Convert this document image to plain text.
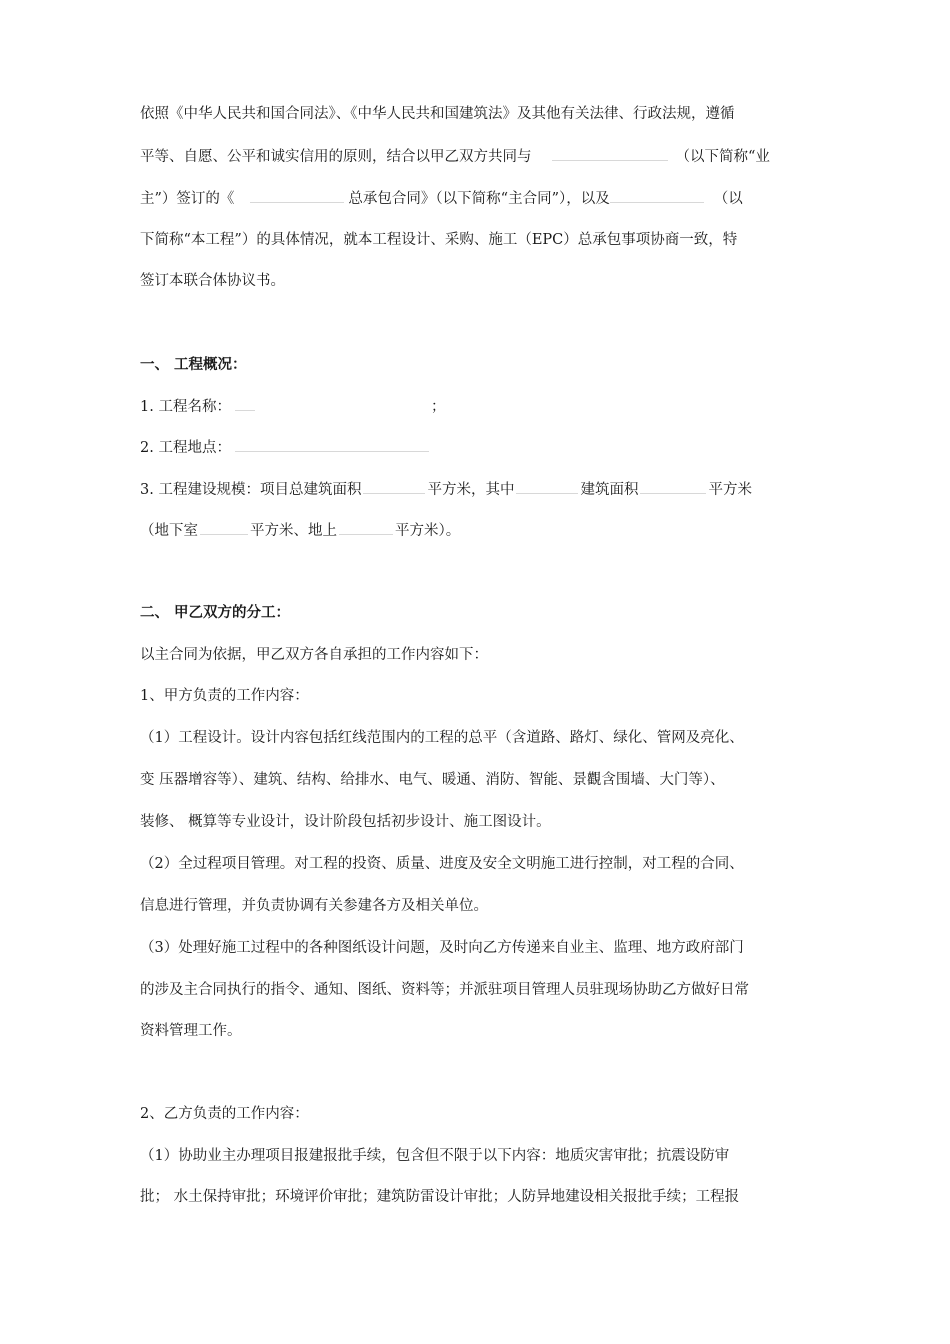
依照《中华人民共和国合同法》、《中华人民共和国建筑法》及其他有关法律、行政法规，遵循
平等、自愿、公平和诚实信用的原则，结合以甲乙双方共同与	（以下简称“业
主”）签订的《	总承包合同》（以下简称“主合同”），以及	（以
下简称“本工程”）的具体情况，就本工程设计、采购、施工（EPC）总承包事项协商一致，特
签订本联合体协议书。
一、 工程概况：
1. 工程名称：	；
2. 工程地点：
3. 工程建设规模：项目总建筑面积	平方米，其中	建筑面积	平方米
（地下室	平方米、地上	平方米）。
二、 甲乙双方的分工：
以主合同为依据，甲乙双方各自承担的工作内容如下：
1、甲方负责的工作内容：
（1）工程设计。设计内容包括红线范围内的工程的总平（含道路、路灯、绿化、管网及亮化、
变 压器增容等）、建筑、结构、给排水、电气、暖通、消防、智能、景觀含围墙、大门等）、
装修、 概算等专业设计，设计阶段包括初步设计、施工图设计。
（2）全过程项目管理。对工程的投资、质量、进度及安全文明施工进行控制，对工程的合同、
信息进行管理，并负责协调有关参建各方及相关单位。
（3）处理好施工过程中的各种图纸设计问题，及时向乙方传递来自业主、监理、地方政府部门
的涉及主合同执行的指令、通知、图纸、资料等；并派驻项目管理人员驻现场协助乙方做好日常
资料管理工作。
2、乙方负责的工作内容：
（1）协助业主办理项目报建报批手续，包含但不限于以下内容：地质灾害审批；抗震设防审
批； 水土保持审批；环境评价审批；建筑防雷设计审批；人防异地建设相关报批手续；工程报
